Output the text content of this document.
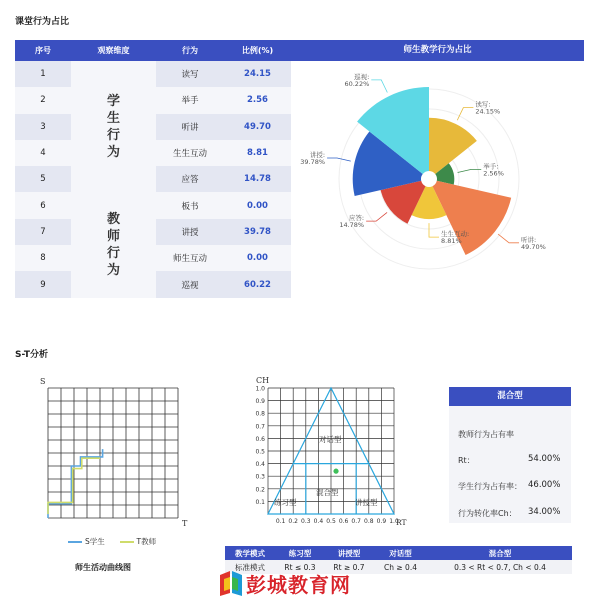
课堂行为占比
序号	观察维度	行为	比例(%)
1	学生行为	读写	24.15
2		举手	2.56
3		听讲	49.70
4		生生互动	8.81
5		应答	14.78
6	教师行为	板书	0.00
7		讲授	39.78
8		师生互动	0.00
9		巡视	60.22
师生教学行为占比
读写:
24.15%
举手:
2.56%
听讲:
49.70%
生生互动:
8.81%
应答:
14.78%
讲授:
39.78%
巡视:
60.22%
S-T分析
S
T
S学生	T教师
师生活动曲线图
CH
RT
1.0
0.9
0.8
0.7
0.6
0.5
0.4
0.3
0.2
0.1
0.1 0.2 0.3 0.4 0.5 0.6 0.7 0.8 0.9 1.0
对话型
练习型
混合型
讲授型
混合型
教师行为占有率
Rt：	54.00%
学生行为占有率： 46.00%
行为转化率Ch： 34.00%
教学模式	练习型	讲授型	对话型	混合型
标准模式	Rt ≤ 0.3	Rt ≥ 0.7	Ch ≥ 0.4	0.3 < Rt < 0.7, Ch < 0.4
彭城教育网
